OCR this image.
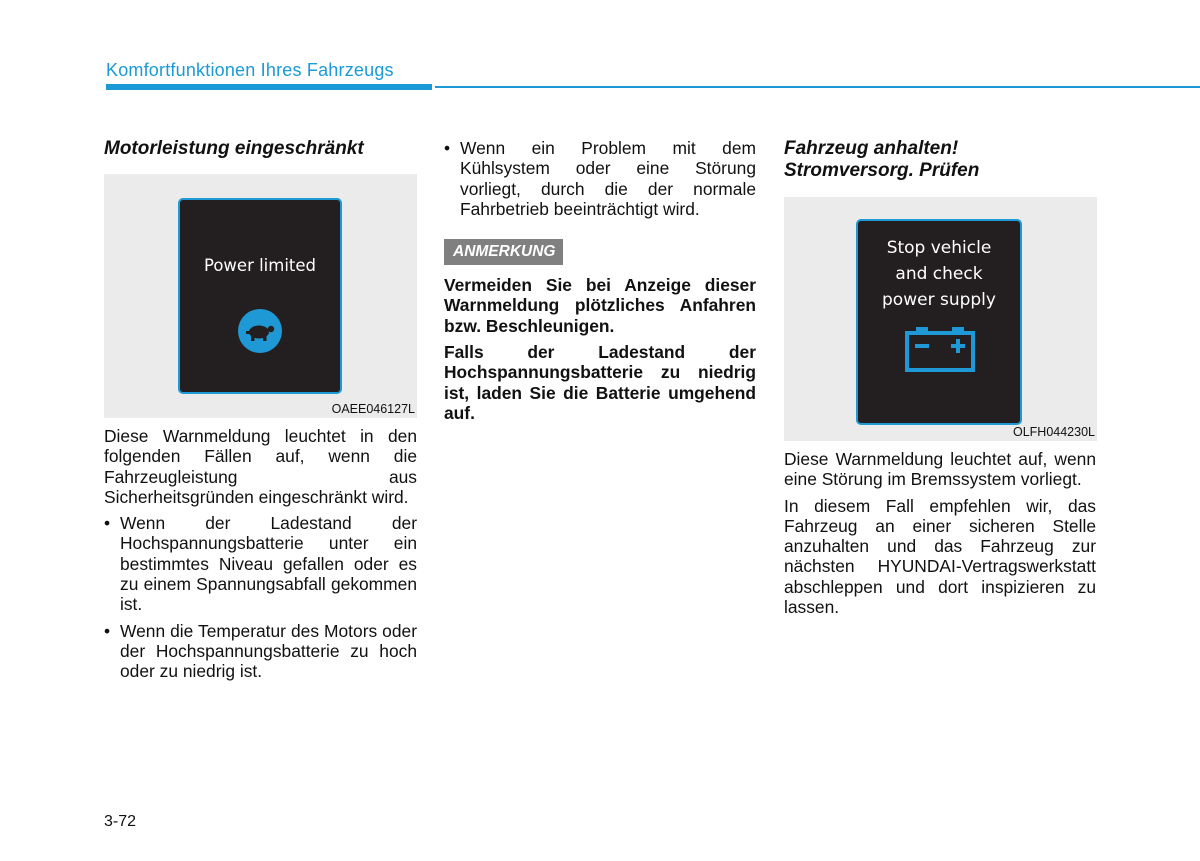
Komfortfunktionen Ihres Fahrzeugs
Motorleistung eingeschränkt
Power limited
OAEE046127L

Diese Warnmeldung leuchtet in den folgenden Fällen auf, wenn die Fahrzeugleistung aus Sicherheitsgründen eingeschränkt wird.

• Wenn der Ladestand der Hochspannungsbatterie unter ein bestimmtes Niveau gefallen oder es zu einem Spannungsabfall gekommen ist.
• Wenn die Temperatur des Motors oder der Hochspannungsbatterie zu hoch oder zu niedrig ist.
• Wenn ein Problem mit dem Kühlsystem oder eine Störung vorliegt, durch die der normale Fahrbetrieb beeinträchtigt wird.
ANMERKUNG

Vermeiden Sie bei Anzeige dieser Warnmeldung plötzliches Anfahren bzw. Beschleunigen.

Falls der Ladestand der Hochspannungsbatterie zu niedrig ist, laden Sie die Batterie umgehend auf.

Fahrzeug anhalten!
Stromversorg. Prüfen
Stop vehicle
and check
power supply
OLFH044230L

Diese Warnmeldung leuchtet auf, wenn eine Störung im Bremssystem vorliegt.

In diesem Fall empfehlen wir, das Fahrzeug an einer sicheren Stelle anzuhalten und das Fahrzeug zur nächsten HYUNDAI-Vertragswerkstatt abschleppen und dort inspizieren zu lassen.

3-72
